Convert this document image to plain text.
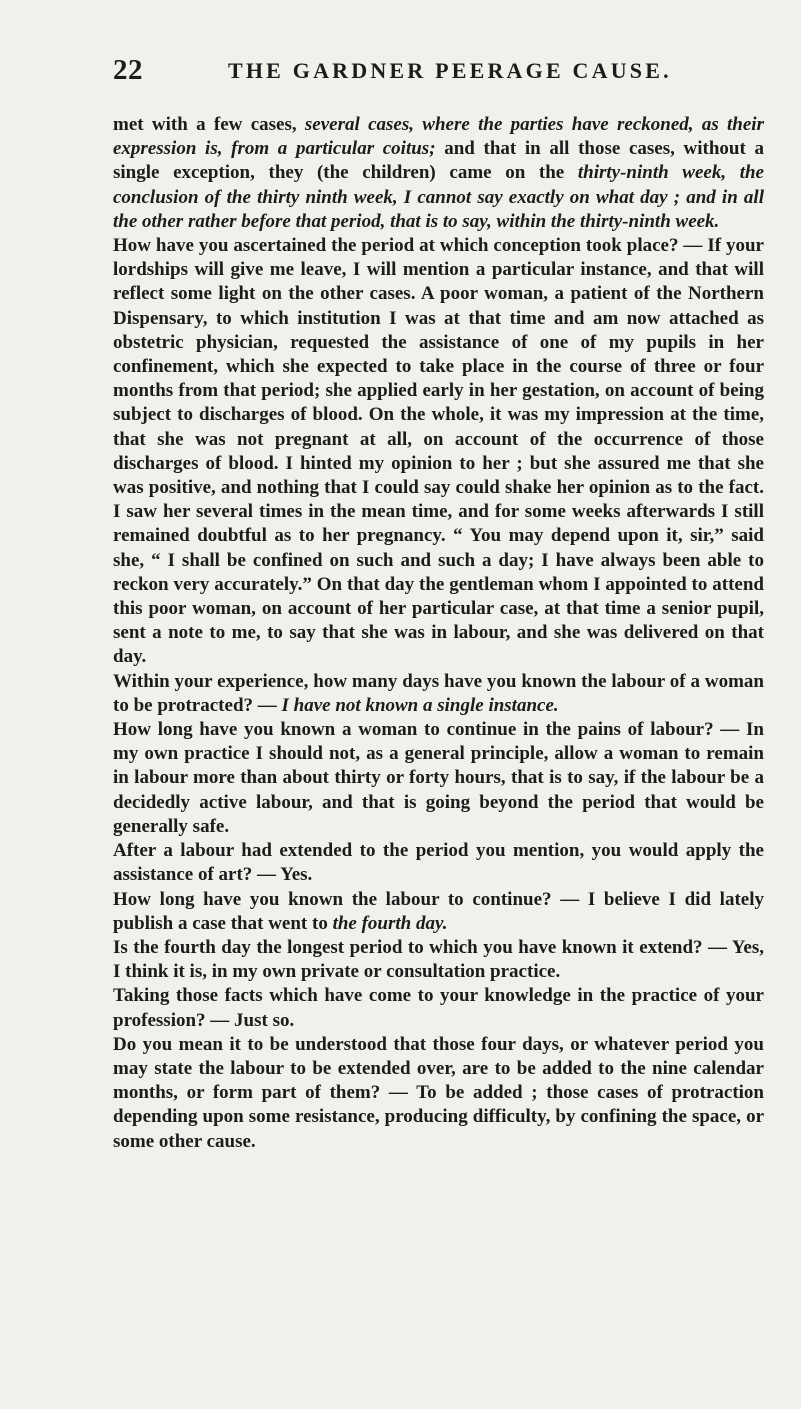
22	THE GARDNER PEERAGE CAUSE.

met with a few cases, several cases, where the parties have reckoned, as their expression is, from a particular coitus; and that in all those cases, without a single exception, they (the children) came on the thirty-ninth week, the conclusion of the thirty ninth week, I cannot say exactly on what day ; and in all the other rather before that period, that is to say, within the thirty-ninth week.

How have you ascertained the period at which conception took place? — If your lordships will give me leave, I will mention a particular instance, and that will reflect some light on the other cases. A poor woman, a patient of the Northern Dispensary, to which institution I was at that time and am now attached as obstetric physician, requested the assistance of one of my pupils in her confinement, which she expected to take place in the course of three or four months from that period; she applied early in her gestation, on account of being subject to discharges of blood. On the whole, it was my impression at the time, that she was not pregnant at all, on account of the occurrence of those discharges of blood. I hinted my opinion to her ; but she assured me that she was positive, and nothing that I could say could shake her opinion as to the fact. I saw her several times in the mean time, and for some weeks afterwards I still remained doubtful as to her pregnancy. “ You may depend upon it, sir,” said she, “ I shall be confined on such and such a day; I have always been able to reckon very accurately.” On that day the gentleman whom I appointed to attend this poor woman, on account of her particular case, at that time a senior pupil, sent a note to me, to say that she was in labour, and she was delivered on that day.

Within your experience, how many days have you known the labour of a woman to be protracted? — I have not known a single instance.

How long have you known a woman to continue in the pains of labour? — In my own practice I should not, as a general principle, allow a woman to remain in labour more than about thirty or forty hours, that is to say, if the labour be a decidedly active labour, and that is going beyond the period that would be generally safe.

After a labour had extended to the period you mention, you would apply the assistance of art? — Yes.

How long have you known the labour to continue? — I believe I did lately publish a case that went to the fourth day.

Is the fourth day the longest period to which you have known it extend? — Yes, I think it is, in my own private or consultation practice.

Taking those facts which have come to your knowledge in the practice of your profession? — Just so.

Do you mean it to be understood that those four days, or whatever period you may state the labour to be extended over, are to be added to the nine calendar months, or form part of them? — To be added ; those cases of protraction depending upon some resistance, producing difficulty, by confining the space, or some other cause.
